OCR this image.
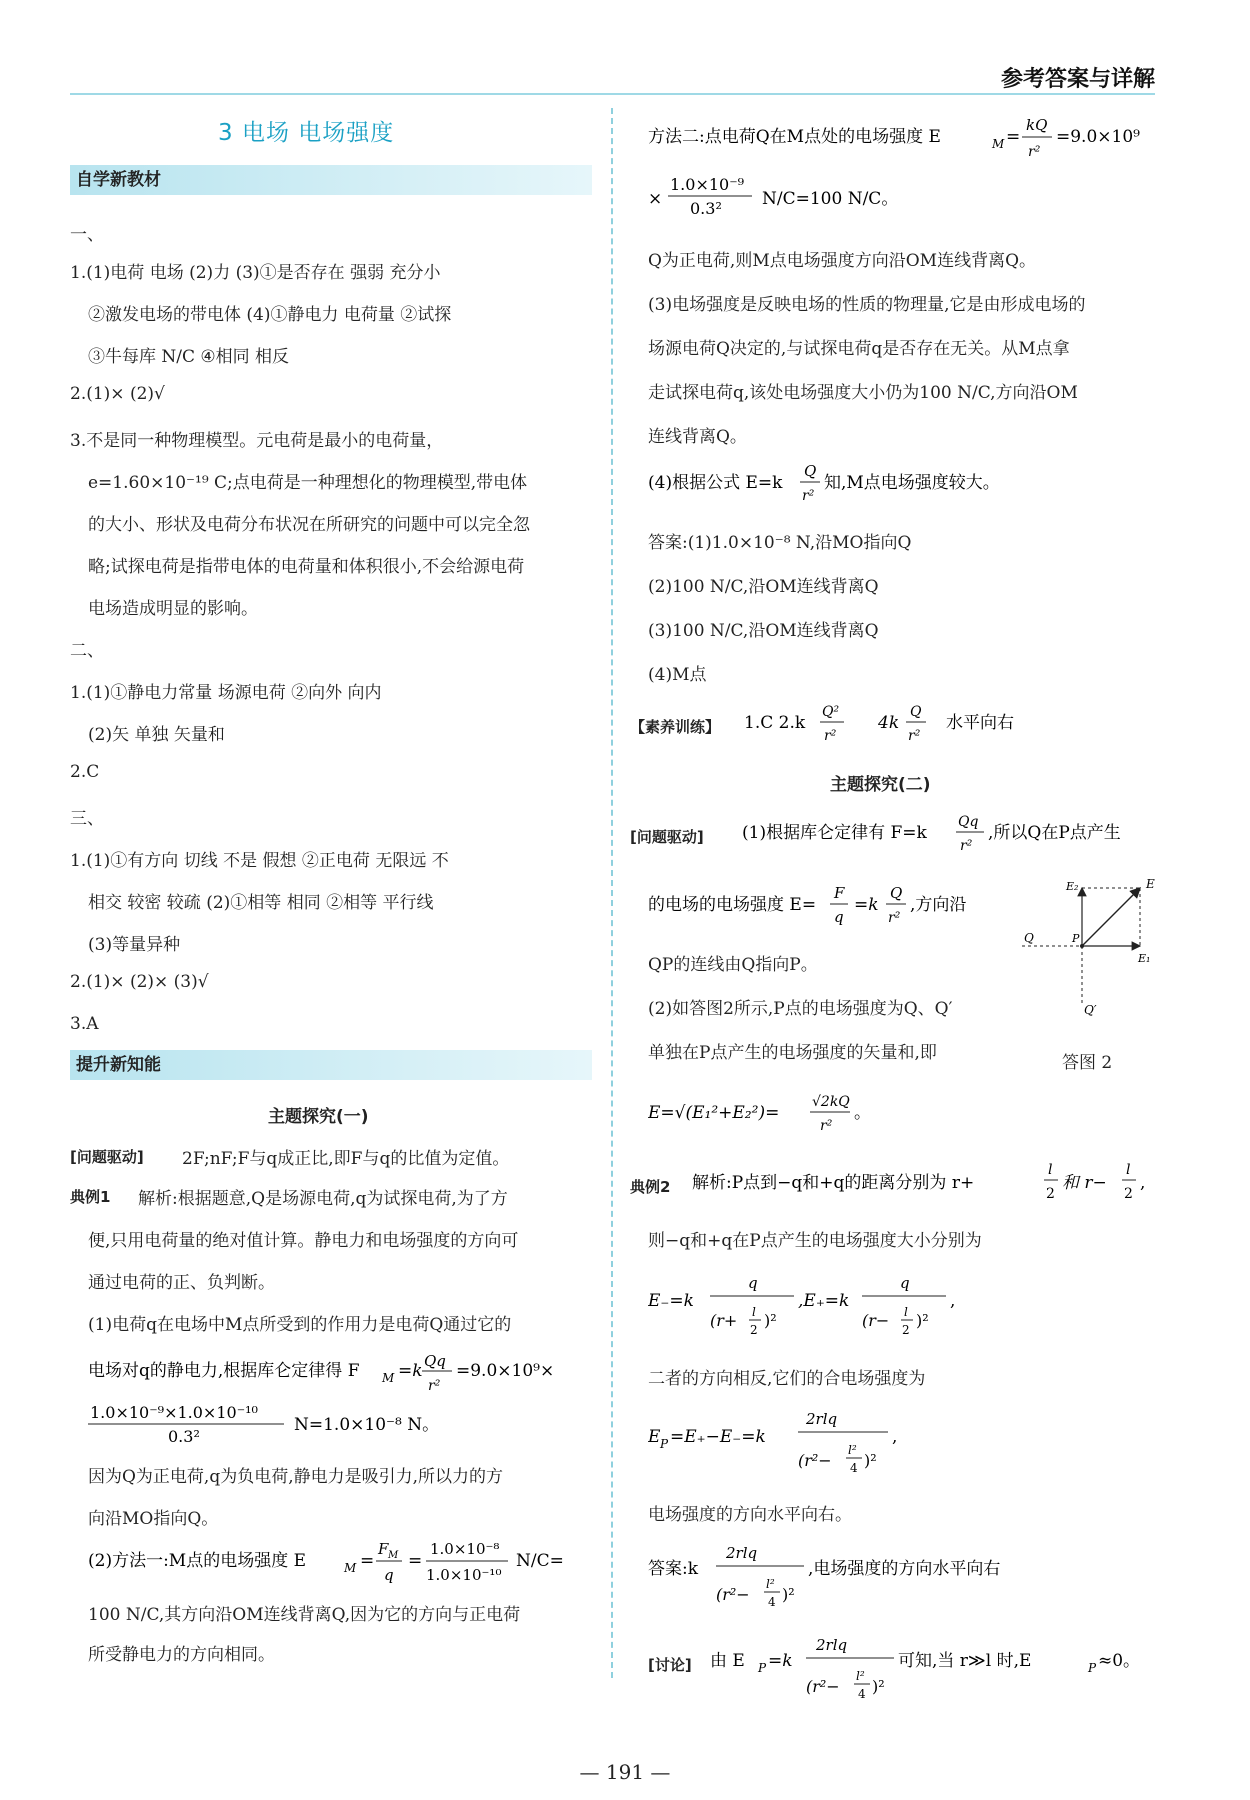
参考答案与详解
3 电场 电场强度
自学新教材
一、
1.(1)电荷 电场 (2)力 (3)①是否存在 强弱 充分小
②激发电场的带电体 (4)①静电力 电荷量 ②试探
③牛每库 N/C ④相同 相反
2.(1)× (2)√
3.不是同一种物理模型。元电荷是最小的电荷量，
e=1.60×10⁻¹⁹ C;点电荷是一种理想化的物理模型,带电体
的大小、形状及电荷分布状况在所研究的问题中可以完全忽
略;试探电荷是指带电体的电荷量和体积很小,不会给源电荷
电场造成明显的影响。
二、
1.(1)①静电力常量 场源电荷 ②向外 向内
(2)矢 单独 矢量和
2.C
三、
1.(1)①有方向 切线 不是 假想 ②正电荷 无限远 不
相交 较密 较疏 (2)①相等 相同 ②相等 平行线
(3)等量异种
2.(1)× (2)× (3)√
3.A
提升新知能
主题探究(一)
[问题驱动] 2F;nF;F与q成正比,即F与q的比值为定值。
典例1 解析:根据题意,Q是场源电荷,q为试探电荷,为了方
便,只用电荷量的绝对值计算。静电力和电场强度的方向可
通过电荷的正、负判断。
(1)电荷q在电场中M点所受到的作用力是电荷Q通过它的
电场对q的静电力,根据库仑定律得 F M =k Qq
r²
=9.0×10⁹×
1.0×10⁻⁹×1.0×10⁻¹⁰
0.3²
N=1.0×10⁻⁸ N。
因为Q为正电荷,q为负电荷,静电力是吸引力,所以力的方
向沿MO指向Q。
(2)方法一:M点的电场强度 E	M =
F M
q
=
1.0×10⁻⁸
1.0×10⁻¹⁰
N/C=
100 N/C,其方向沿OM连线背离Q,因为它的方向与正电荷
所受静电力的方向相同。
方法二:点电荷Q在M点处的电场强度 E	M =
kQ
r²
=9.0×10⁹
×
1.0×10⁻⁹
0.3² N/C=100 N/C。
Q为正电荷,则M点电场强度方向沿OM连线背离Q。
(3)电场强度是反映电场的性质的物理量,它是由形成电场的
场源电荷Q决定的,与试探电荷q是否存在无关。从M点拿
走试探电荷q,该处电场强度大小仍为100 N/C,方向沿OM
连线背离Q。
(4)根据公式 E=k
Q
r²
知,M点电场强度较大。
答案:(1)1.0×10⁻⁸ N,沿MO指向Q
(2)100 N/C,沿OM连线背离Q
(3)100 N/C,沿OM连线背离Q
(4)M点
【素养训练】 1.C 2.k
Q²
r²
4k
Q
r²
水平向右
主题探究(二)
[问题驱动] (1)根据库仑定律有 F=k
Qq
r²
,所以Q在P点产生
的电场的电场强度 E=
F
q
=k
Q
r²
,方向沿
QP的连线由Q指向P。
(2)如答图2所示,P点的电场强度为Q、Q′
单独在P点产生的电场强度的矢量和,即
E₂	E
Q	P
E₁
Q′
答图 2
E=√(E₁²+E₂²)=
√2kQ
r²
。
典例2 解析:P点到−q和+q的距离分别为 r+
l
2
和 r−
l
2
,
则−q和+q在P点产生的电场强度大小分别为
E₋=k
q
(r+ l
2 )²
,E₊=k
q
(r− l
2 )²
,
二者的方向相反,它们的合电场强度为
E P =E₊−E₋=k
2rlq
(r²−
l²
4 )²
,
电场强度的方向水平向右。
答案:k
2rlq
(r²−
l²
4 )²
,电场强度的方向水平向右
[讨论] 由 E P =k
2rlq
(r²−
l²
4 )²
可知,当 r≫l 时,E	P ≈0。
— 191 —
